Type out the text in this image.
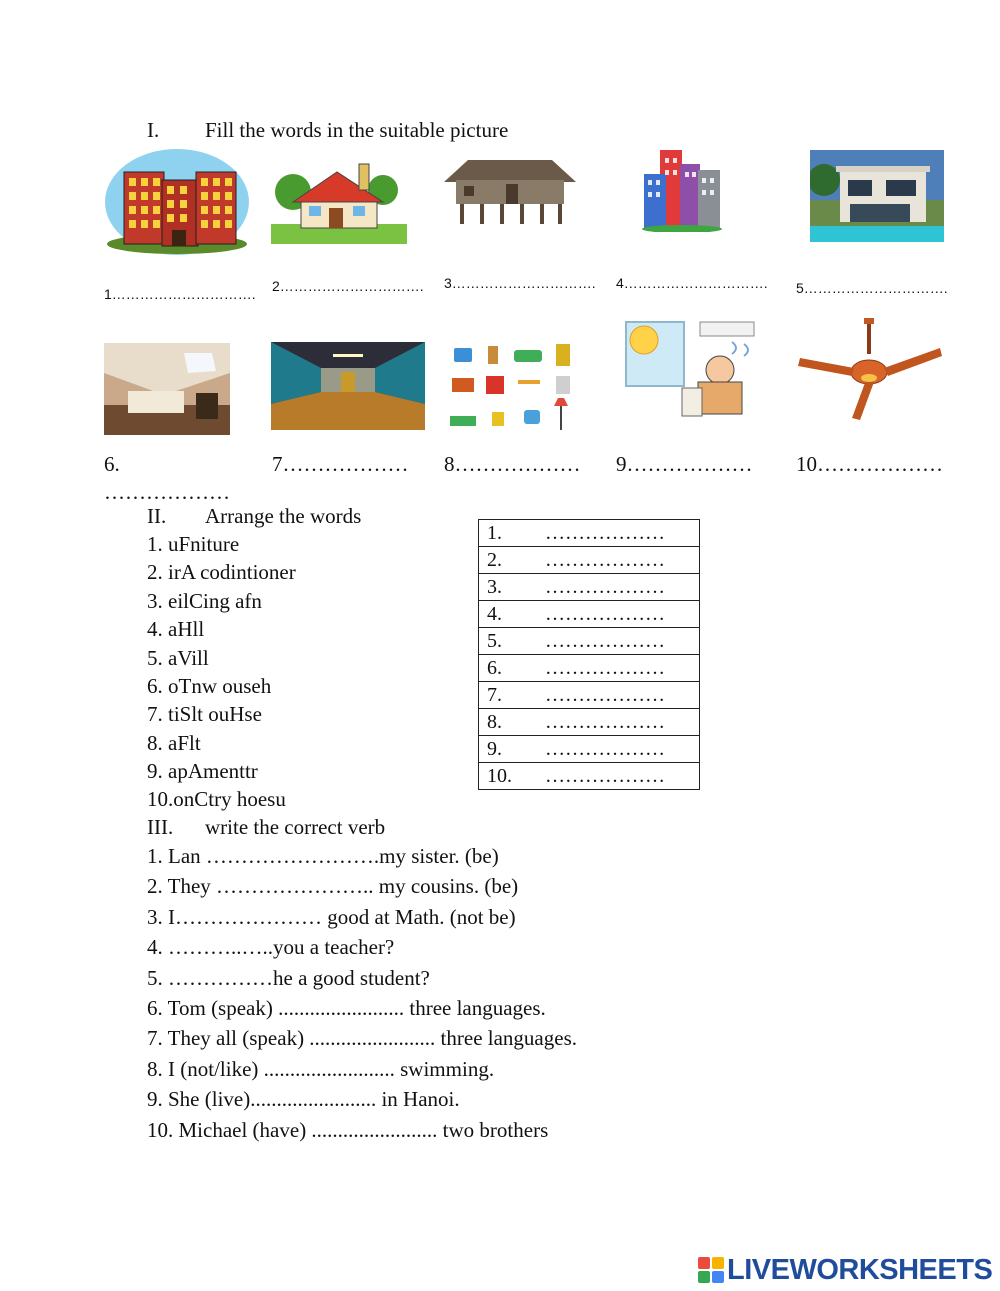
I. Fill the words in the suitable picture
1…………………………. 2…………………………. 3…………………………. 4…………………………. 5………………………….
6.	7……………… 8……………… 9……………… 10………………
………………
II. Arrange the words
1. uFniture
2. irA codintioner
3. eilCing afn
4. aHll
5. aVill
6. oTnw ouseh
7. tiSlt ouHse
8. aFlt
9. apAmenttr
10.onCtry hoesu
1. ………………
2. ………………
3. ………………
4. ………………
5. ………………
6. ………………
7. ………………
8. ………………
9. ………………
10. ………………
III. write the correct verb
1. Lan …………………….my sister. (be)
2. They ………………….. my cousins. (be)
3. I………………… good at Math. (not be)
4. ………..…..you a teacher?
5. ……………he a good student?
6. Tom (speak) ........................ three languages.
7. They all (speak) ........................ three languages.
8. I (not/like) ......................... swimming.
9. She (live)........................ in Hanoi.
10. Michael (have) ........................ two brothers
LIVEWORKSHEETS
